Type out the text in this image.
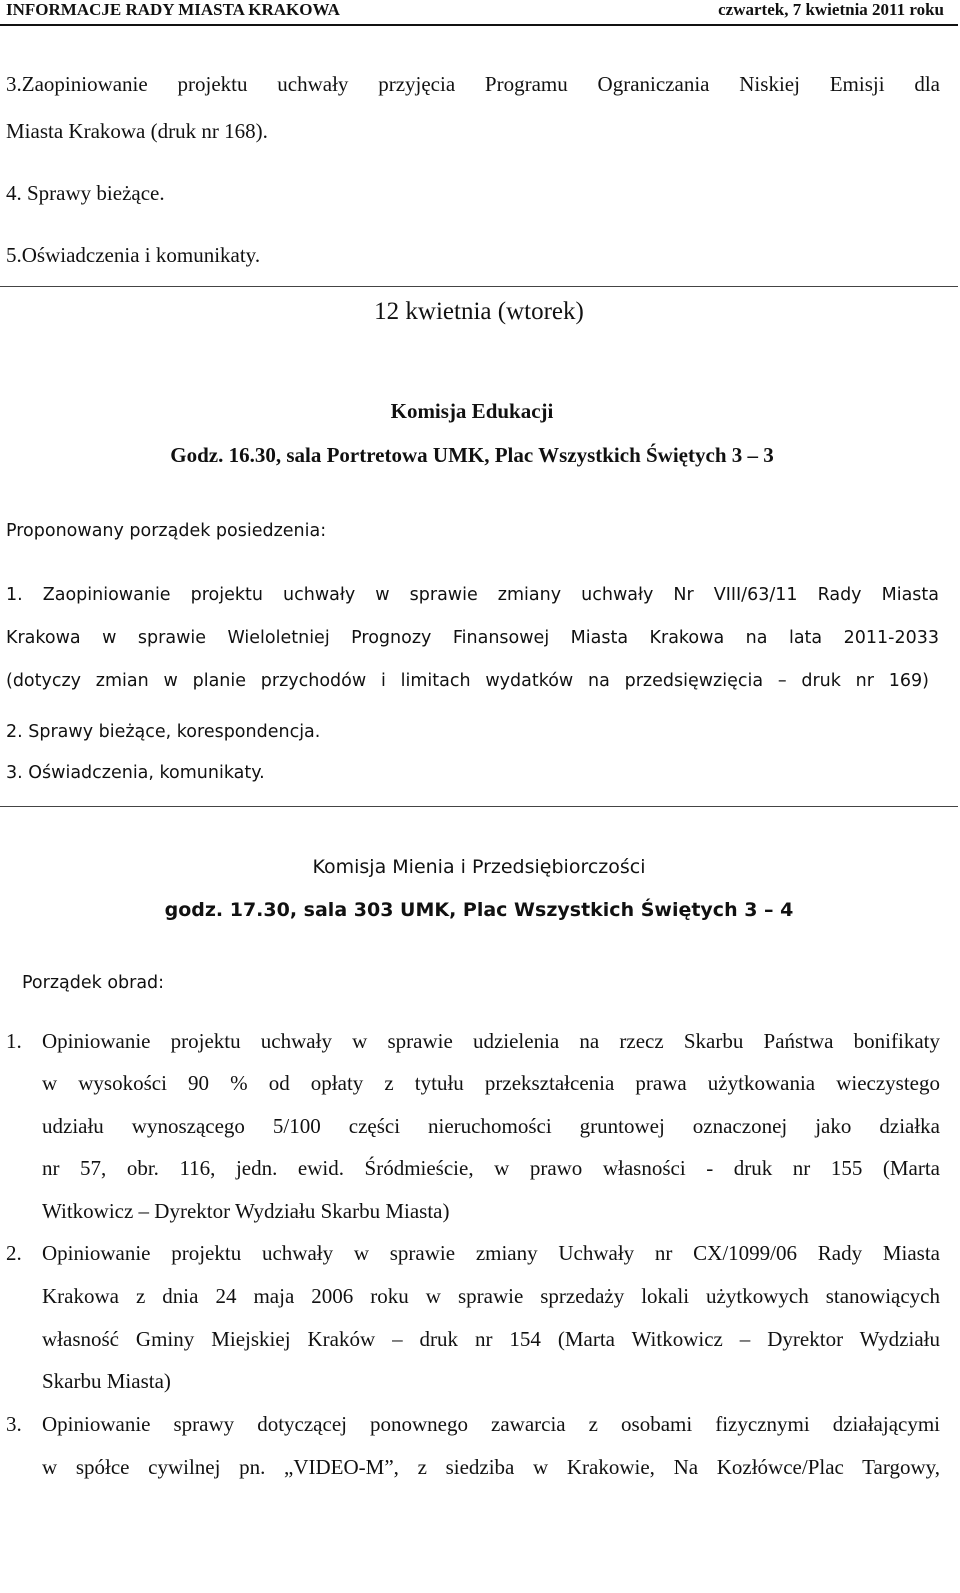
INFORMACJE RADY MIASTA KRAKOWA	czwartek, 7 kwietnia 2011 roku
3.Zaopiniowanie projektu uchwały przyjęcia Programu Ograniczania Niskiej Emisji dla
Miasta Krakowa (druk nr 168).
4. Sprawy bieżące.
5.Oświadczenia i komunikaty.
12 kwietnia (wtorek)
Komisja Edukacji
Godz. 16.30, sala Portretowa UMK, Plac Wszystkich Świętych 3 – 3
Proponowany porządek posiedzenia:
1. Zaopiniowanie projektu uchwały w sprawie zmiany uchwały Nr VIII/63/11 Rady Miasta
Krakowa w sprawie Wieloletniej Prognozy Finansowej Miasta Krakowa na lata 2011-2033
(dotyczy zmian w planie przychodów i limitach wydatków na przedsięwzięcia – druk nr 169)
2. Sprawy bieżące, korespondencja.
3. Oświadczenia, komunikaty.
Komisja Mienia i Przedsiębiorczości
godz. 17.30, sala 303 UMK, Plac Wszystkich Świętych 3 – 4
Porządek obrad:
1. Opiniowanie projektu uchwały w sprawie udzielenia na rzecz Skarbu Państwa bonifikaty
w wysokości 90 % od opłaty z tytułu przekształcenia prawa użytkowania wieczystego
udziału wynoszącego 5/100 części nieruchomości gruntowej oznaczonej jako działka
nr 57, obr. 116, jedn. ewid. Śródmieście, w prawo własności - druk nr 155 (Marta
Witkowicz – Dyrektor Wydziału Skarbu Miasta)
2. Opiniowanie projektu uchwały w sprawie zmiany Uchwały nr CX/1099/06 Rady Miasta
Krakowa z dnia 24 maja 2006 roku w sprawie sprzedaży lokali użytkowych stanowiących
własność Gminy Miejskiej Kraków – druk nr 154 (Marta Witkowicz – Dyrektor Wydziału
Skarbu Miasta)
3. Opiniowanie sprawy dotyczącej ponownego zawarcia z osobami fizycznymi działającymi
w spółce cywilnej pn. „VIDEO-M”, z siedziba w Krakowie, Na Kozłówce/Plac Targowy,
